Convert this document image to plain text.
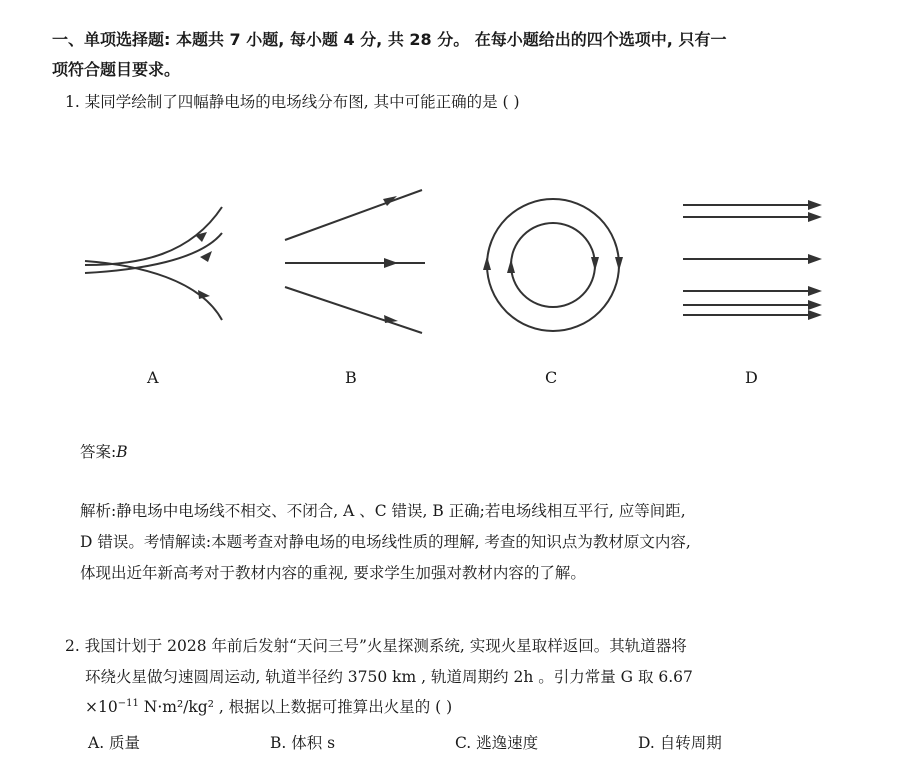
一、单项选择题: 本题共 7 小题, 每小题 4 分, 共 28 分。 在每小题给出的四个选项中, 只有一
项符合题目要求。
1. 某同学绘制了四幅静电场的电场线分布图, 其中可能正确的是 ( )
A	B	C	D
答案:B
解析:静电场中电场线不相交、不闭合, A 、C 错误, B 正确;若电场线相互平行, 应等间距,
D 错误。考情解读:本题考查对静电场的电场线性质的理解, 考查的知识点为教材原文内容,
体现出近年新高考对于教材内容的重视, 要求学生加强对教材内容的了解。
2. 我国计划于 2028 年前后发射“天问三号”火星探测系统, 实现火星取样返回。其轨道器将
环绕火星做匀速圆周运动, 轨道半径约 3750 km , 轨道周期约 2h 。引力常量 G 取 6.67
$\times 10^{-11}$ N·m²/kg² , 根据以上数据可推算出火星的 ( )
A. 质量	B. 体积 s	C. 逃逸速度	D. 自转周期
